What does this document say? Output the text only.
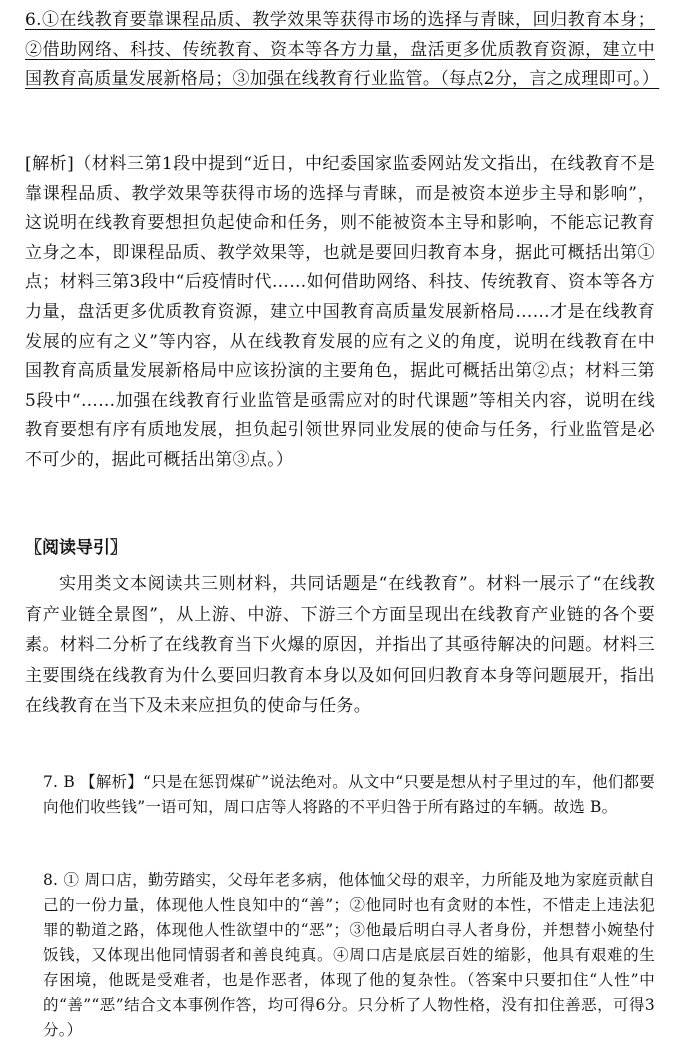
6.①在线教育要靠课程品质、教学效果等获得市场的选择与青睐，回归教育本身；②借助网络、科技、传统教育、资本等各方力量，盘活更多优质教育资源，建立中国教育高质量发展新格局；③加强在线教育行业监管。（每点2分，言之成理即可。）

[解析]（材料三第1段中提到“近日，中纪委国家监委网站发文指出，在线教育不是靠课程品质、教学效果等获得市场的选择与青睐，而是被资本逆步主导和影响”，这说明在线教育要想担负起使命和任务，则不能被资本主导和影响，不能忘记教育立身之本，即课程品质、教学效果等，也就是要回归教育本身，据此可概括出第①点；材料三第3段中“后疫情时代……如何借助网络、科技、传统教育、资本等各方力量，盘活更多优质教育资源，建立中国教育高质量发展新格局……才是在线教育发展的应有之义”等内容，从在线教育发展的应有之义的角度，说明在线教育在中国教育高质量发展新格局中应该扮演的主要角色，据此可概括出第②点；材料三第5段中“……加强在线教育行业监管是亟需应对的时代课题”等相关内容，说明在线教育要想有序有质地发展，担负起引领世界同业发展的使命与任务，行业监管是必不可少的，据此可概括出第③点。）

〖阅读导引〗

实用类文本阅读共三则材料，共同话题是“在线教育”。材料一展示了“在线教育产业链全景图”，从上游、中游、下游三个方面呈现出在线教育产业链的各个要素。材料二分析了在线教育当下火爆的原因，并指出了其亟待解决的问题。材料三主要围绕在线教育为什么要回归教育本身以及如何回归教育本身等问题展开，指出在线教育在当下及未来应担负的使命与任务。

7. B 【解析】“只是在惩罚煤矿”说法绝对。从文中“只要是想从村子里过的车，他们都要向他们收些钱”一语可知，周口店等人将路的不平归咎于所有路过的车辆。故选 B。

8. ① 周口店，勤劳踏实，父母年老多病，他体恤父母的艰辛，力所能及地为家庭贡献自己的一份力量，体现他人性良知中的“善”；②他同时也有贪财的本性，不惜走上违法犯罪的勒道之路，体现他人性欲望中的“恶”；③他最后明白寻人者身份，并想替小婉垫付饭钱，又体现出他同情弱者和善良纯真。④周口店是底层百姓的缩影，他具有艰难的生存困境，他既是受难者，也是作恶者，体现了他的复杂性。（答案中只要扣住“人性”中的“善”“恶”结合文本事例作答，均可得6分。只分析了人物性格，没有扣住善恶，可得3分。）
